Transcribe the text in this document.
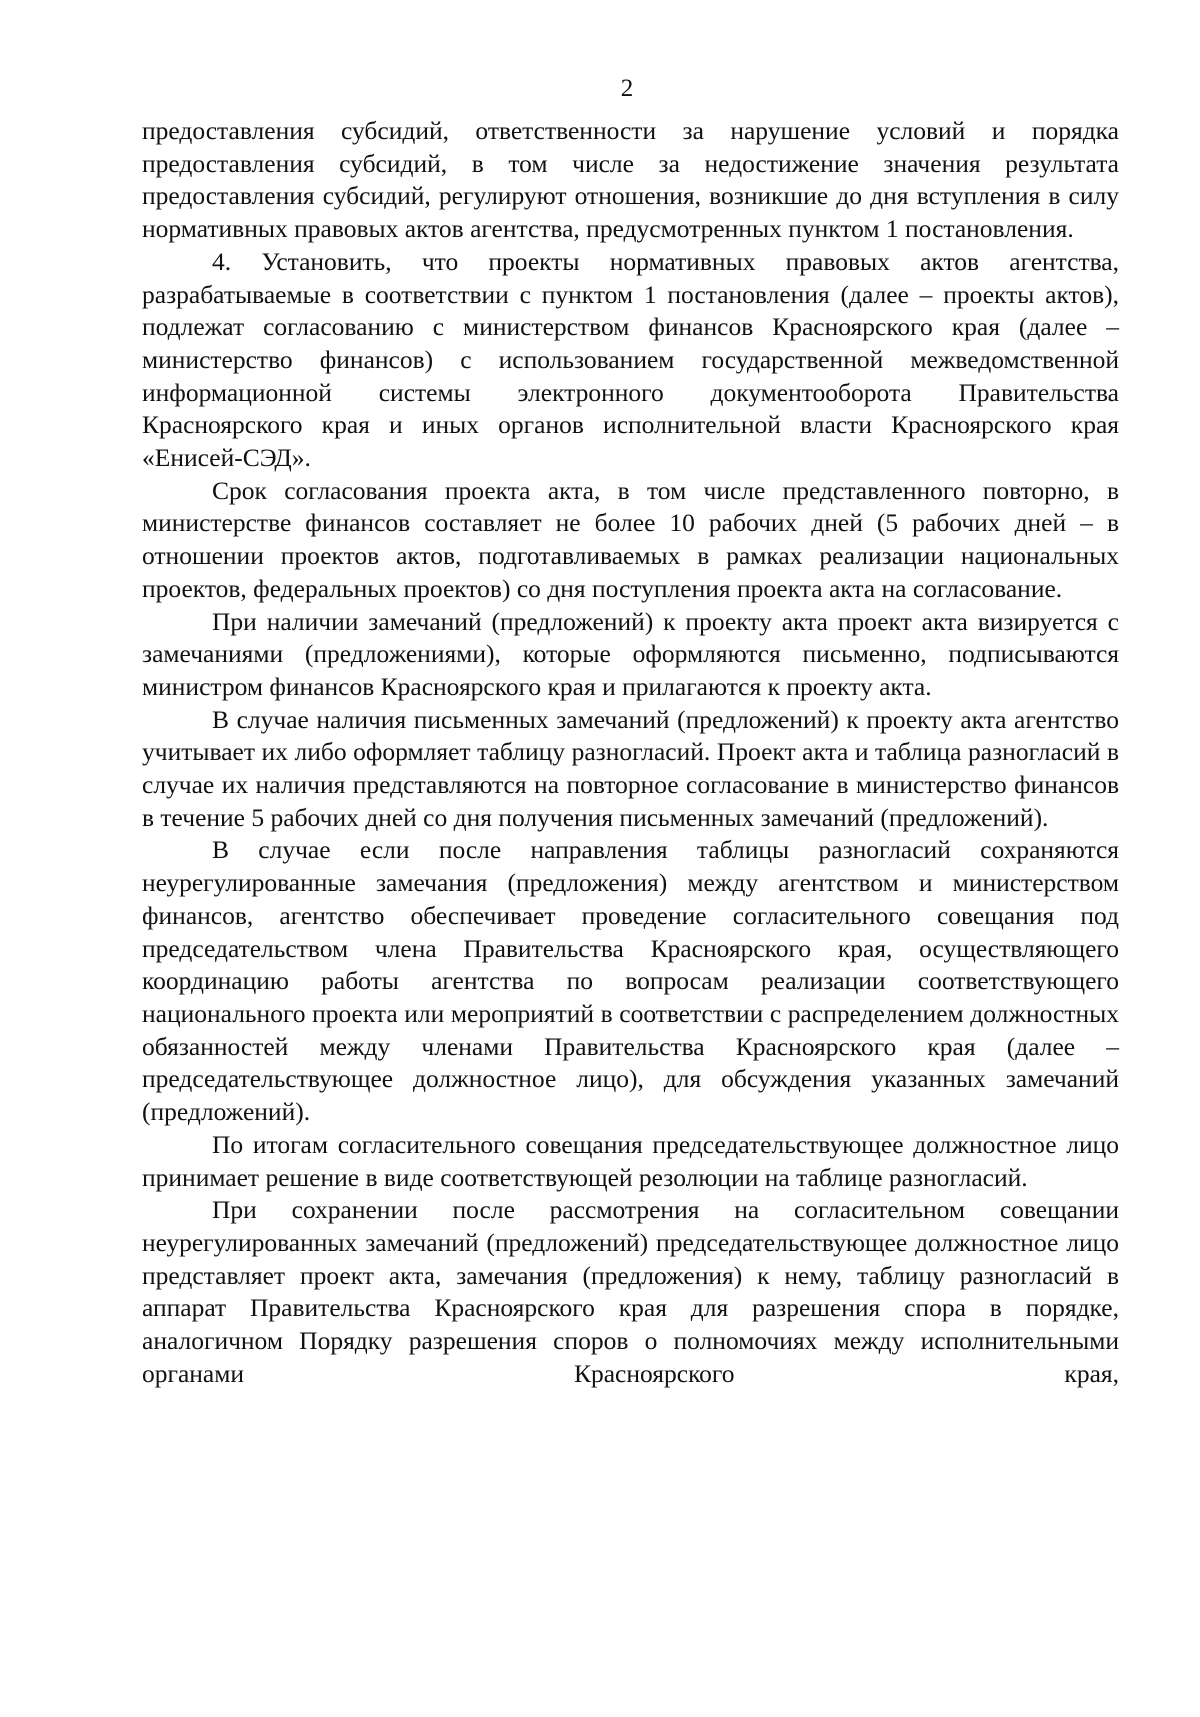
2

предоставления субсидий, ответственности за нарушение условий и порядка предоставления субсидий, в том числе за недостижение значения результата предоставления субсидий, регулируют отношения, возникшие до дня вступления в силу нормативных правовых актов агентства, предусмотренных пунктом 1 постановления.

4. Установить, что проекты нормативных правовых актов агентства, разрабатываемые в соответствии с пунктом 1 постановления (далее – проекты актов), подлежат согласованию с министерством финансов Красноярского края (далее – министерство финансов) с использованием государственной межведомственной информационной системы электронного документооборота Правительства Красноярского края и иных органов исполнительной власти Красноярского края «Енисей-СЭД».

Срок согласования проекта акта, в том числе представленного повторно, в министерстве финансов составляет не более 10 рабочих дней (5 рабочих дней – в отношении проектов актов, подготавливаемых в рамках реализации национальных проектов, федеральных проектов) со дня поступления проекта акта на согласование.

При наличии замечаний (предложений) к проекту акта проект акта визируется с замечаниями (предложениями), которые оформляются письменно, подписываются министром финансов Красноярского края и прилагаются к проекту акта.

В случае наличия письменных замечаний (предложений) к проекту акта агентство учитывает их либо оформляет таблицу разногласий. Проект акта и таблица разногласий в случае их наличия представляются на повторное согласование в министерство финансов в течение 5 рабочих дней со дня получения письменных замечаний (предложений).

В случае если после направления таблицы разногласий сохраняются неурегулированные замечания (предложения) между агентством и министерством финансов, агентство обеспечивает проведение согласительного совещания под председательством члена Правительства Красноярского края, осуществляющего координацию работы агентства по вопросам реализации соответствующего национального проекта или мероприятий в соответствии с распределением должностных обязанностей между членами Правительства Красноярского края (далее – председательствующее должностное лицо), для обсуждения указанных замечаний (предложений).

По итогам согласительного совещания председательствующее должностное лицо принимает решение в виде соответствующей резолюции на таблице разногласий.

При сохранении после рассмотрения на согласительном совещании неурегулированных замечаний (предложений) председательствующее должностное лицо представляет проект акта, замечания (предложения) к нему, таблицу разногласий в аппарат Правительства Красноярского края для разрешения спора в порядке, аналогичном Порядку разрешения споров о полномочиях между исполнительными органами Красноярского края,
